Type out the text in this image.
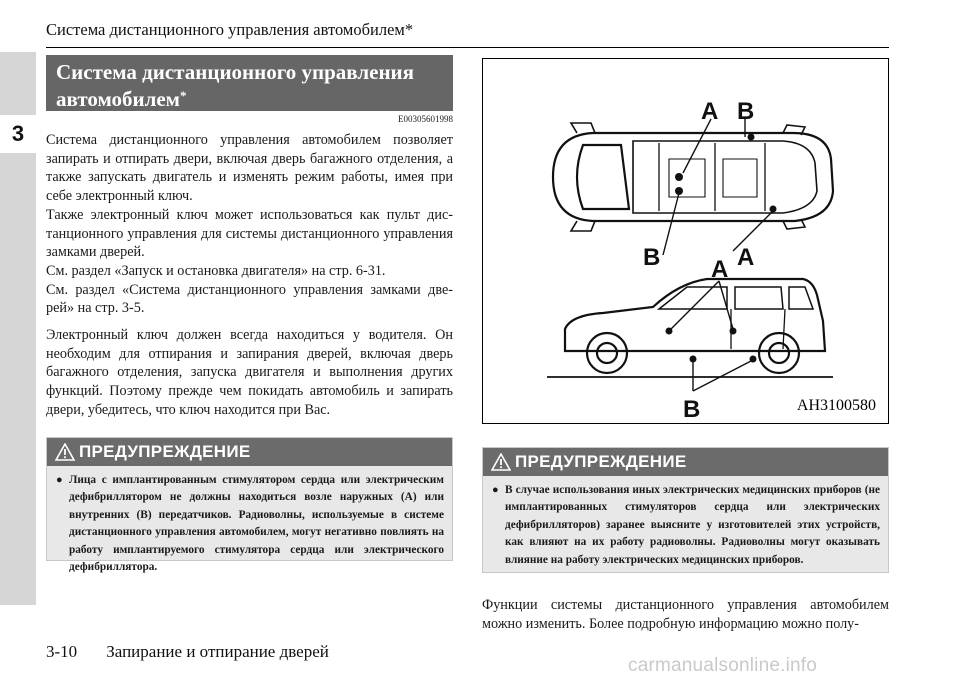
3
Система дистанционного управления автомобилем*
Система дистанционного управления
автомобилем*
E00305601998

Система дистанционного управления автомобилем позволяет запирать и отпирать двери, включая дверь багажного отделения, а также запускать двигатель и изменять режим работы, имея при себе электронный ключ.

Также электронный ключ может использоваться как пульт дистанционного управления для системы дистанционного управления замками дверей.

См. раздел «Запуск и остановка двигателя» на стр. 6-31.

См. раздел «Система дистанционного управления замками дверей» на стр. 3-5.

Электронный ключ должен всегда находиться у водителя. Он необходим для отпирания и запирания дверей, включая дверь багажного отделения, запуска двигателя и выполнения других функций. Поэтому прежде чем покидать автомобиль и запирать двери, убедитесь, что ключ находится при Вас.
ПРЕДУПРЕЖДЕНИЕ
● Лица с имплантированным стимулятором сердца или электрическим дефибриллятором не должны находиться возле наружных (A) или внутренних (B) передатчиков. Радиоволны, используемые в системе дистанционного управления автомобилем, могут негативно повлиять на работу имплантируемого стимулятора сердца или электрического дефибриллятора.
A B
B	A
A
B	AH3100580
ПРЕДУПРЕЖДЕНИЕ
● В случае использования иных электрических медицинских приборов (не имплантированных стимуляторов сердца или электрических дефибрилляторов) заранее выясните у изготовителей этих устройств, как влияют на их работу радиоволны. Радиоволны могут оказывать влияние на работу электрических медицинских приборов.
Функции системы дистанционного управления автомобилем можно изменить. Более подробную информацию можно полу-
3-10 Запирание и отпирание дверей
carmanualsonline.info
